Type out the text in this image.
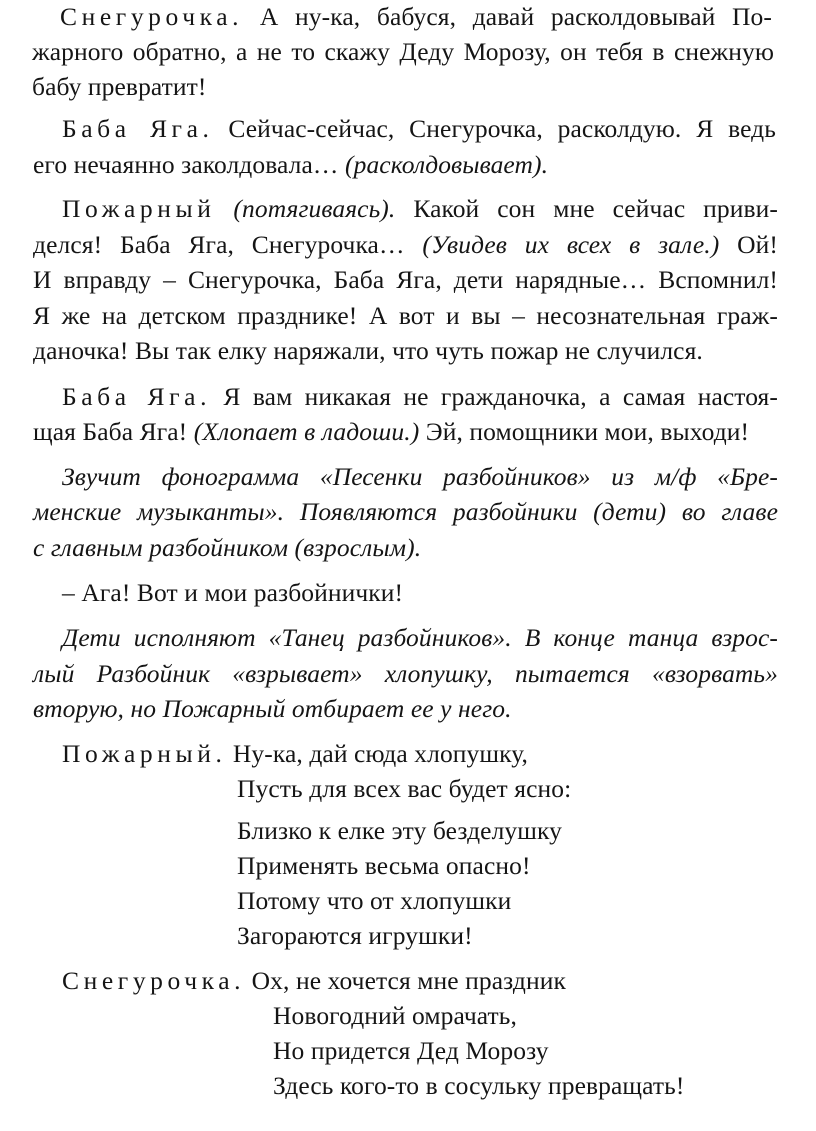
Снегурочка. А ну-ка, бабуся, давай расколдовывай По-
жарного обратно, а не то скажу Деду Морозу, он тебя в снежную
бабу превратит!
Баба Яга. Сейчас-сейчас, Снегурочка, расколдую. Я ведь
его нечаянно заколдовала… (расколдовывает).
Пожарный (потягиваясь). Какой сон мне сейчас приви-
делся! Баба Яга, Снегурочка… (Увидев их всех в зале.) Ой!
И вправду – Снегурочка, Баба Яга, дети нарядные… Вспомнил!
Я же на детском празднике! А вот и вы – несознательная граж-
даночка! Вы так елку наряжали, что чуть пожар не случился.
Баба Яга. Я вам никакая не гражданочка, а самая настоя-
щая Баба Яга! (Хлопает в ладоши.) Эй, помощники мои, выходи!
Звучит фонограмма «Песенки разбойников» из м/ф «Бре-
менские музыканты». Появляются разбойники (дети) во главе
с главным разбойником (взрослым).
– Ага! Вот и мои разбойнички!
Дети исполняют «Танец разбойников». В конце танца взрос-
лый Разбойник «взрывает» хлопушку, пытается «взорвать»
вторую, но Пожарный отбирает ее у него.
Пожарный. Ну-ка, дай сюда хлопушку,
Пусть для всех вас будет ясно:
Близко к елке эту безделушку
Применять весьма опасно!
Потому что от хлопушки
Загораются игрушки!
Снегурочка. Ох, не хочется мне праздник
Новогодний омрачать,
Но придется Дед Морозу
Здесь кого-то в сосульку превращать!
